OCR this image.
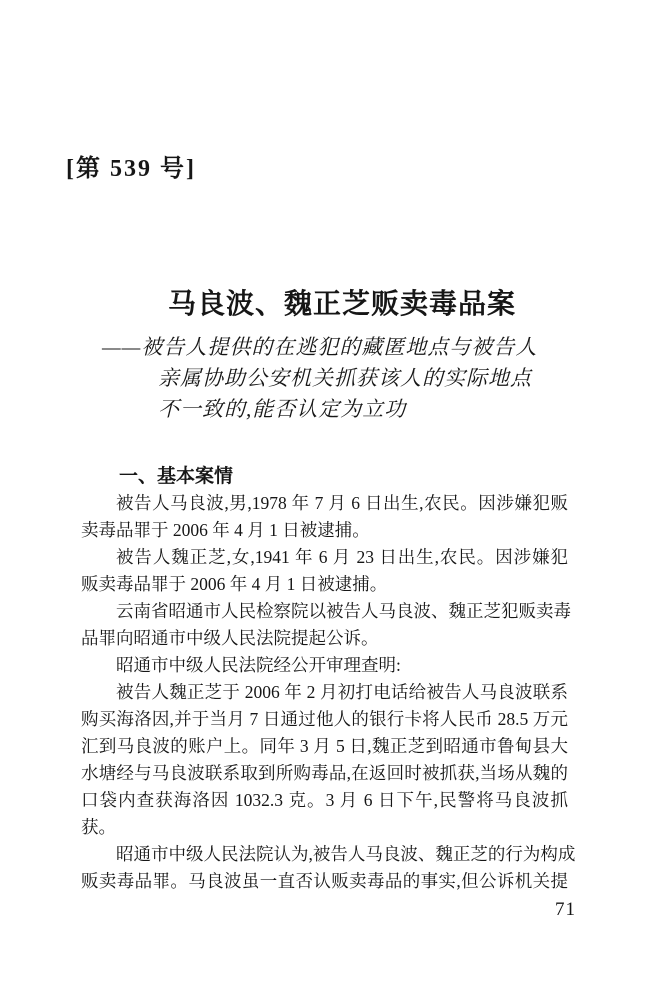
[第 539 号]
马良波、魏正芝贩卖毒品案
——被告人提供的在逃犯的藏匿地点与被告人
亲属协助公安机关抓获该人的实际地点
不一致的,能否认定为立功
一、基本案情
被告人马良波,男,1978 年 7 月 6 日出生,农民。因涉嫌犯贩
卖毒品罪于 2006 年 4 月 1 日被逮捕。
被告人魏正芝,女,1941 年 6 月 23 日出生,农民。因涉嫌犯
贩卖毒品罪于 2006 年 4 月 1 日被逮捕。
云南省昭通市人民检察院以被告人马良波、魏正芝犯贩卖毒
品罪向昭通市中级人民法院提起公诉。
昭通市中级人民法院经公开审理查明:
被告人魏正芝于 2006 年 2 月初打电话给被告人马良波联系
购买海洛因,并于当月 7 日通过他人的银行卡将人民币 28.5 万元
汇到马良波的账户上。同年 3 月 5 日,魏正芝到昭通市鲁甸县大
水塘经与马良波联系取到所购毒品,在返回时被抓获,当场从魏的
口袋内查获海洛因 1032.3 克。3 月 6 日下午,民警将马良波抓
获。
昭通市中级人民法院认为,被告人马良波、魏正芝的行为构成
贩卖毒品罪。马良波虽一直否认贩卖毒品的事实,但公诉机关提
71
